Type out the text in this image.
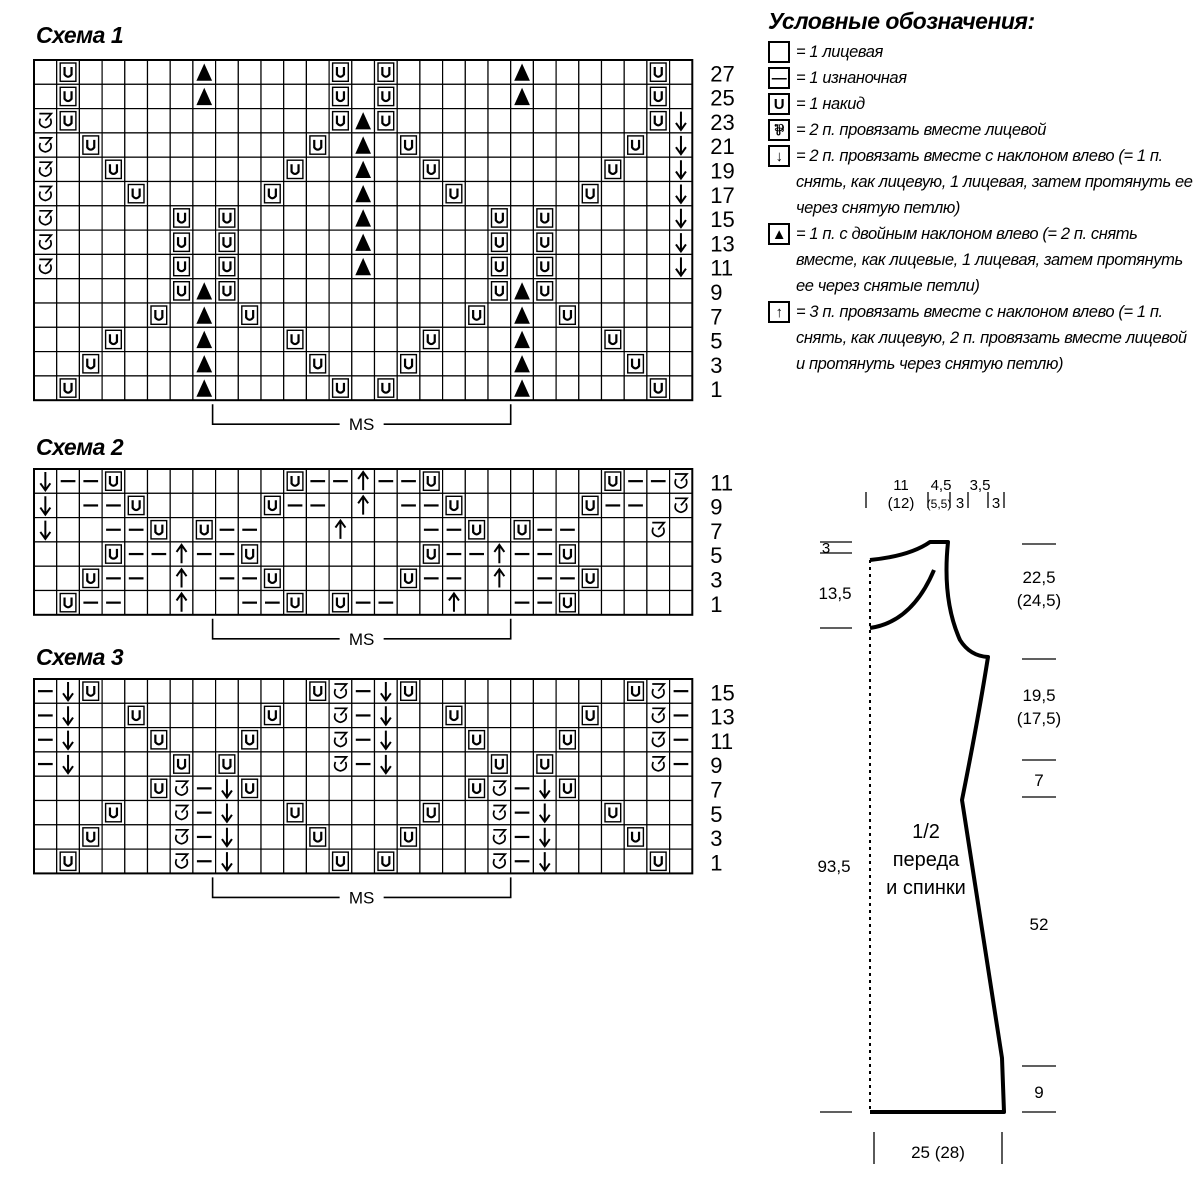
Схема 1
27
25
23
21
19
17
15
13
11
9
7
5
3
1
MS
Схема 2
11
9
7
5
3
1
MS
Схема 3
15
13
11
9
7
5
3
1
MS
Условные обозначения:
= 1 лицевая
— = 1 изнаночная
U = 1 накид
⅌ = 2 п. провязать вместе лицевой
↓ = 2 п. провязать вместе с наклоном влево (= 1 п. снять, как лицевую, 1 лицевая, затем протянуть ее через снятую петлю)
▲ = 1 п. с двойным наклоном влево (= 2 п. снять вместе, как лицевые, 1 лицевая, затем протянуть ее через снятые петли)
↑ = 3 п. провязать вместе с наклоном влево (= 1 п. снять, как лицевую, 2 п. провязать вместе лицевой и протянуть через снятую петлю)
11
(12)
4,5
(5,5) 3
3,5
3
3
13,5
93,5
22,5
(24,5)
19,5
(17,5)
7
52
9
25 (28)
1/2
переда
и спинки
